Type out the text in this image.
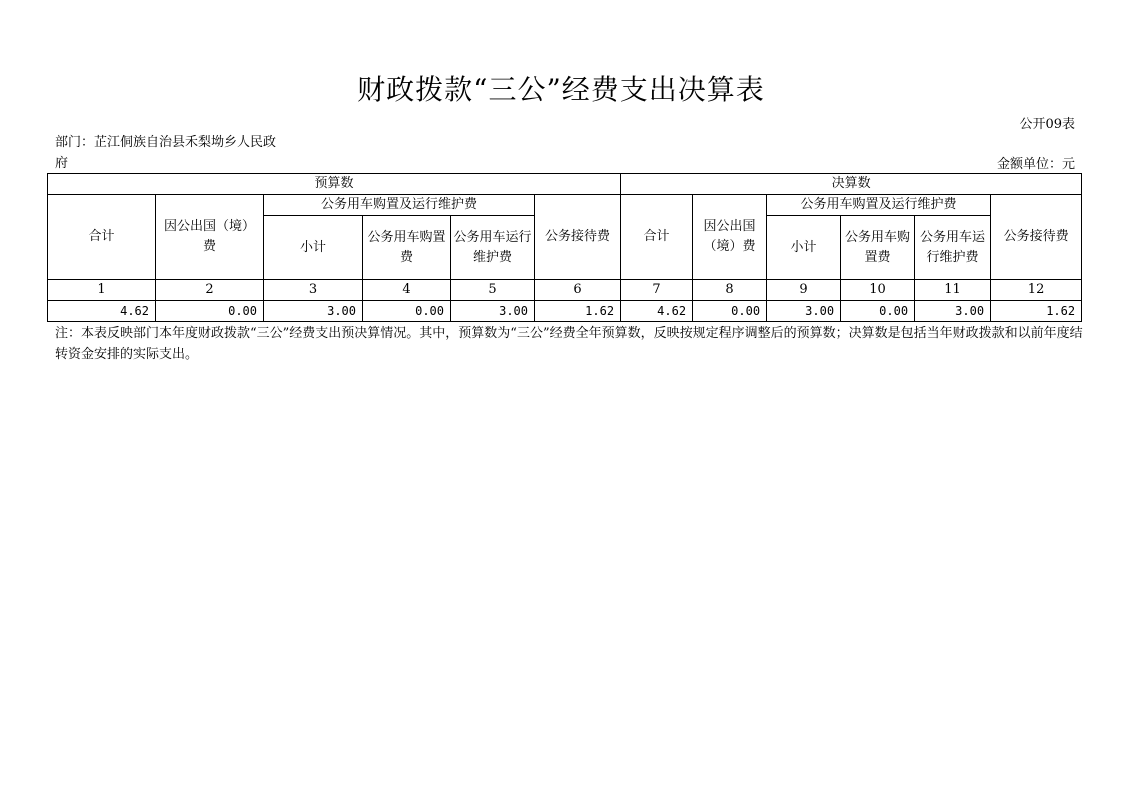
财政拨款“三公”经费支出决算表
公开09表
部门：芷江侗族自治县禾梨坳乡人民政府	金额单位：元
预算数						决算数					
合计	因公出国（境）费	公务用车购置及运行维护费			公务接待费	合计	因公出国（境）费	公务用车购置及运行维护费			公务接待费
		小计	公务用车购置费	公务用车运行维护费				小计	公务用车购置费	公务用车运行维护费	
1	2	3	4	5	6	7	8	9	10	11	12
4.62	0.00	3.00	0.00	3.00	1.62	4.62	0.00	3.00	0.00	3.00	1.62
注：本表反映部门本年度财政拨款“三公”经费支出预决算情况。其中，预算数为“三公”经费全年预算数，反映按规定程序调整后的预算数；决算数是包括当年财政拨款和以前年度结转资金安排的实际支出。
